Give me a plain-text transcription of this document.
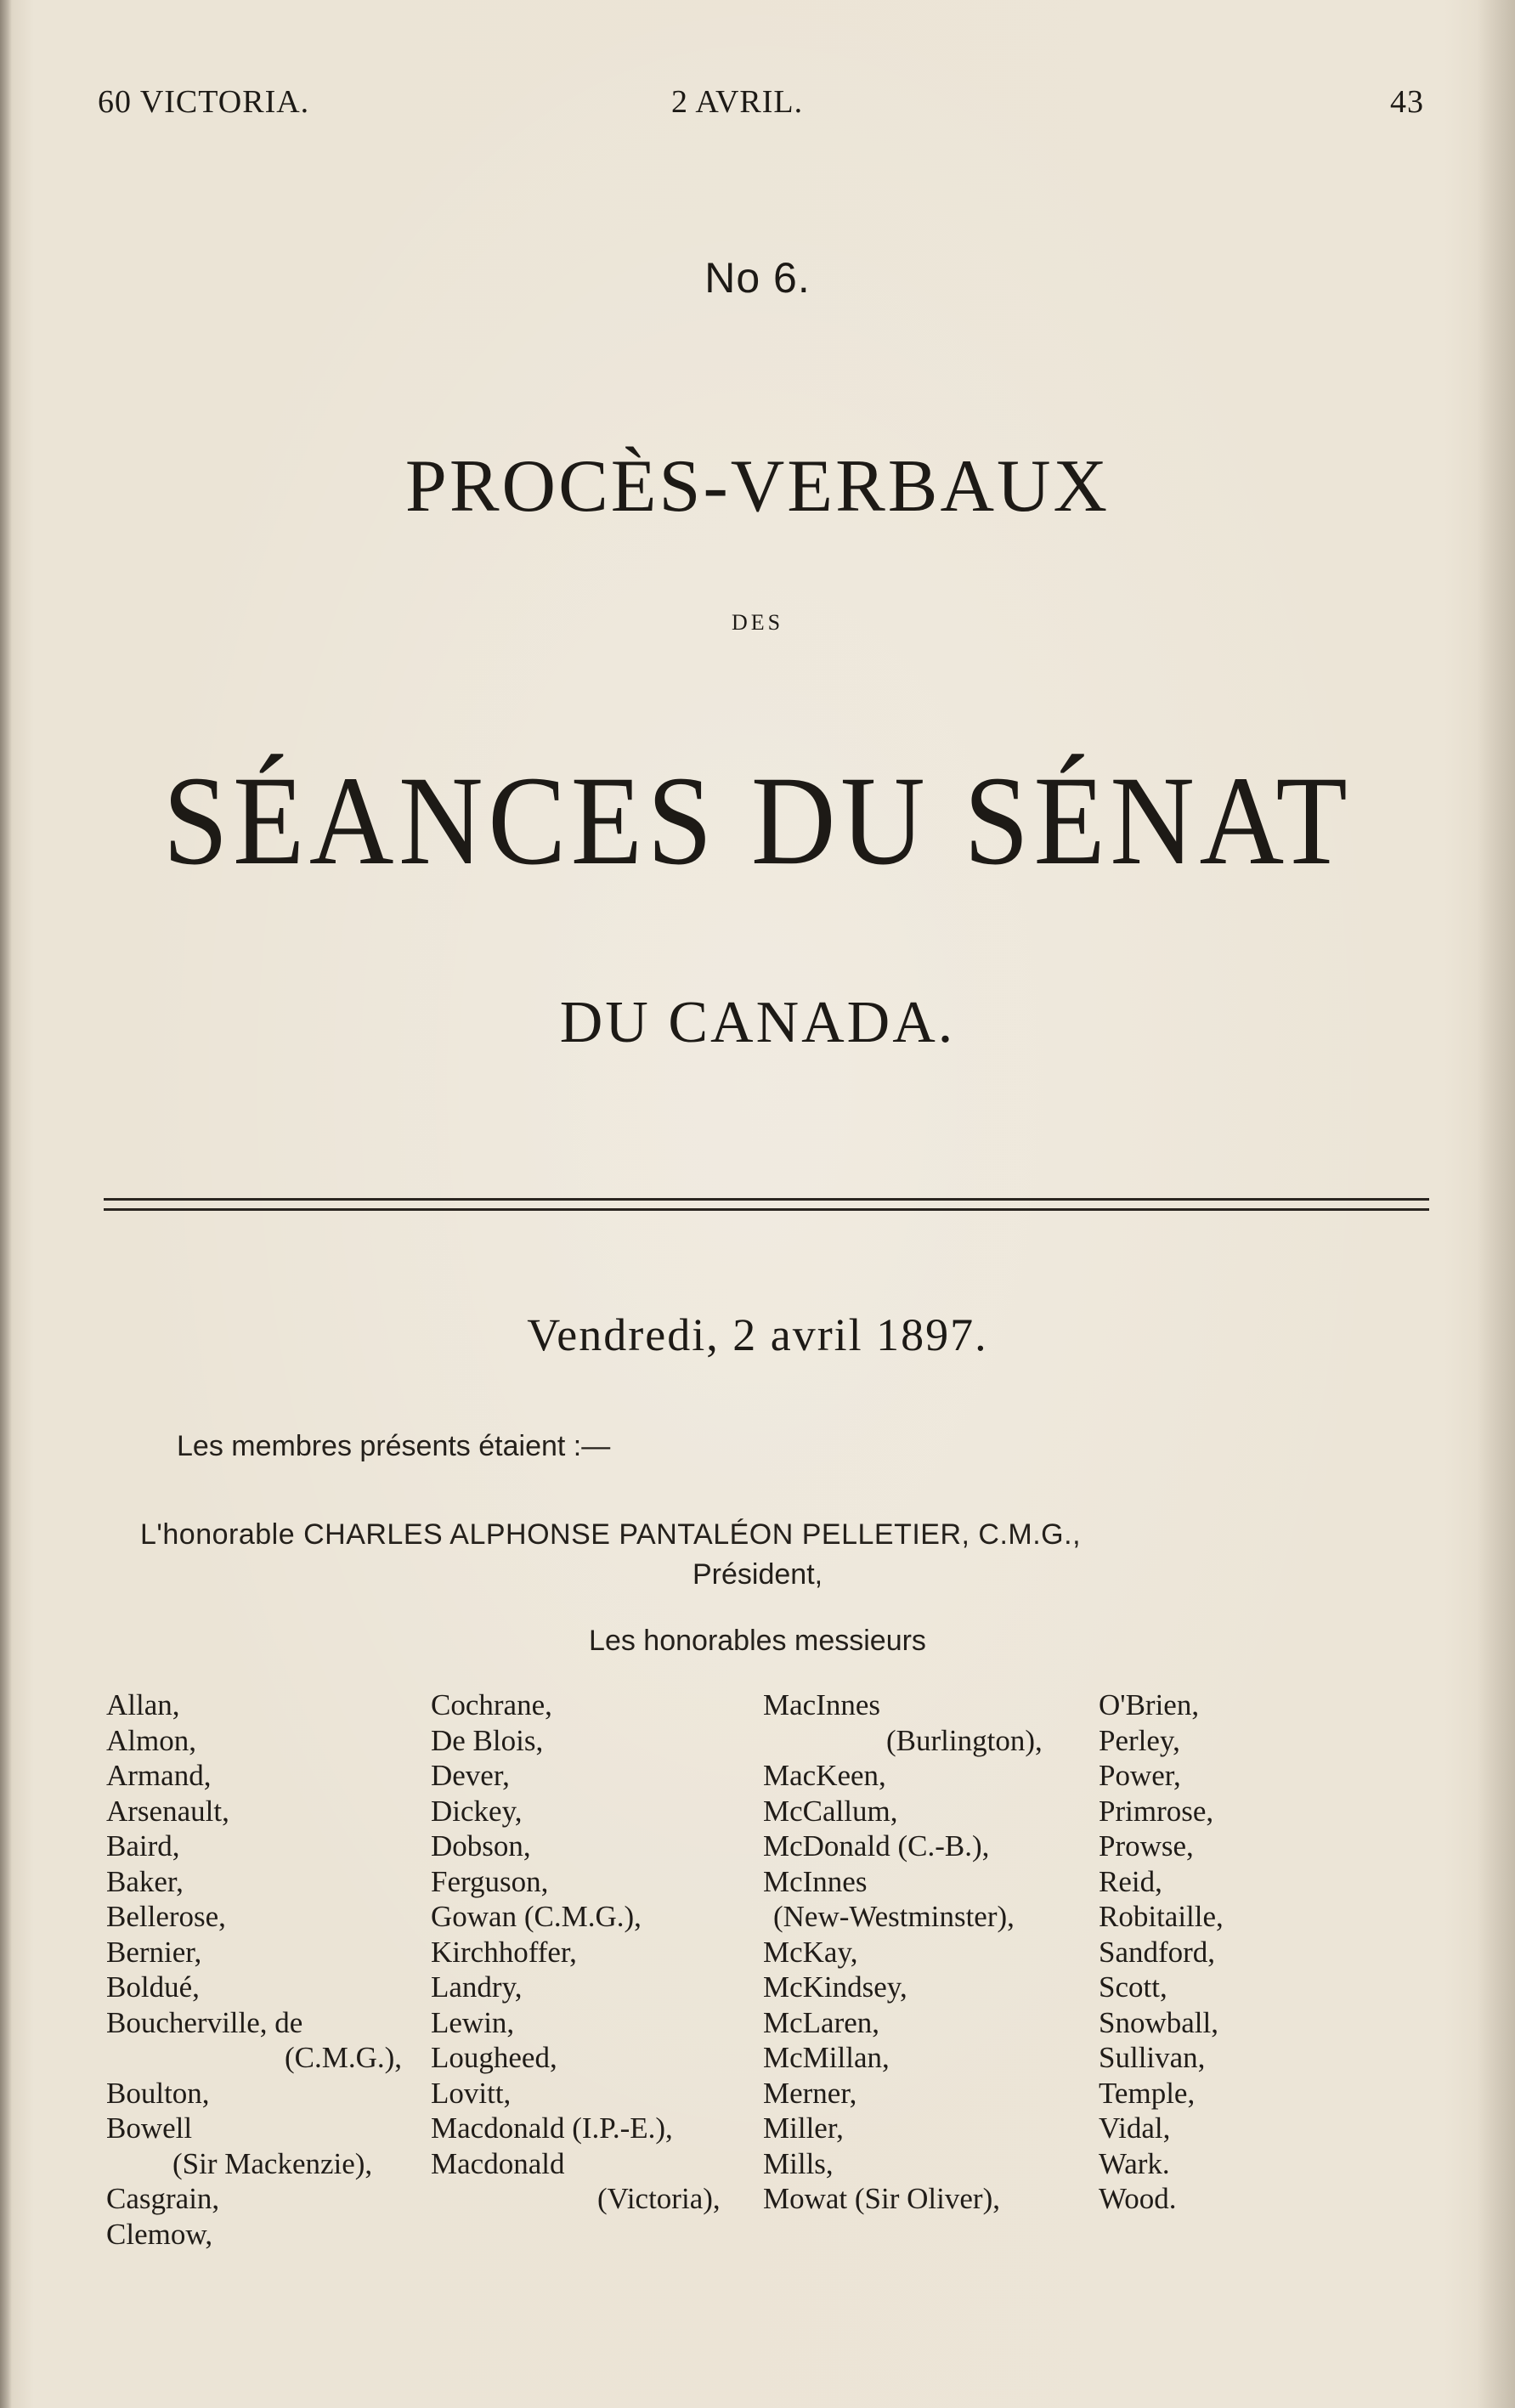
60 VICTORIA.	2 AVRIL.	43
No 6.
PROCÈS-VERBAUX
DES
SÉANCES DU SÉNAT
DU CANADA.
Vendredi, 2 avril 1897.
Les membres présents étaient :—
L'honorable CHARLES ALPHONSE PANTALÉON PELLETIER, C.M.G.,
Président,
Les honorables messieurs
Allan,
Almon,
Armand,
Arsenault,
Baird,
Baker,
Bellerose,
Bernier,
Boldué,
Boucherville, de
(C.M.G.),
Boulton,
Bowell
(Sir Mackenzie),
Casgrain,
Clemow,
Cochrane,
De Blois,
Dever,
Dickey,
Dobson,
Ferguson,
Gowan (C.M.G.),
Kirchhoffer,
Landry,
Lewin,
Lougheed,
Lovitt,
Macdonald (I.P.-E.),
Macdonald
(Victoria),
MacInnes
(Burlington),
MacKeen,
McCallum,
McDonald (C.-B.),
McInnes
(New-Westminster),
McKay,
McKindsey,
McLaren,
McMillan,
Merner,
Miller,
Mills,
Mowat (Sir Oliver),
O'Brien,
Perley,
Power,
Primrose,
Prowse,
Reid,
Robitaille,
Sandford,
Scott,
Snowball,
Sullivan,
Temple,
Vidal,
Wark.
Wood.
